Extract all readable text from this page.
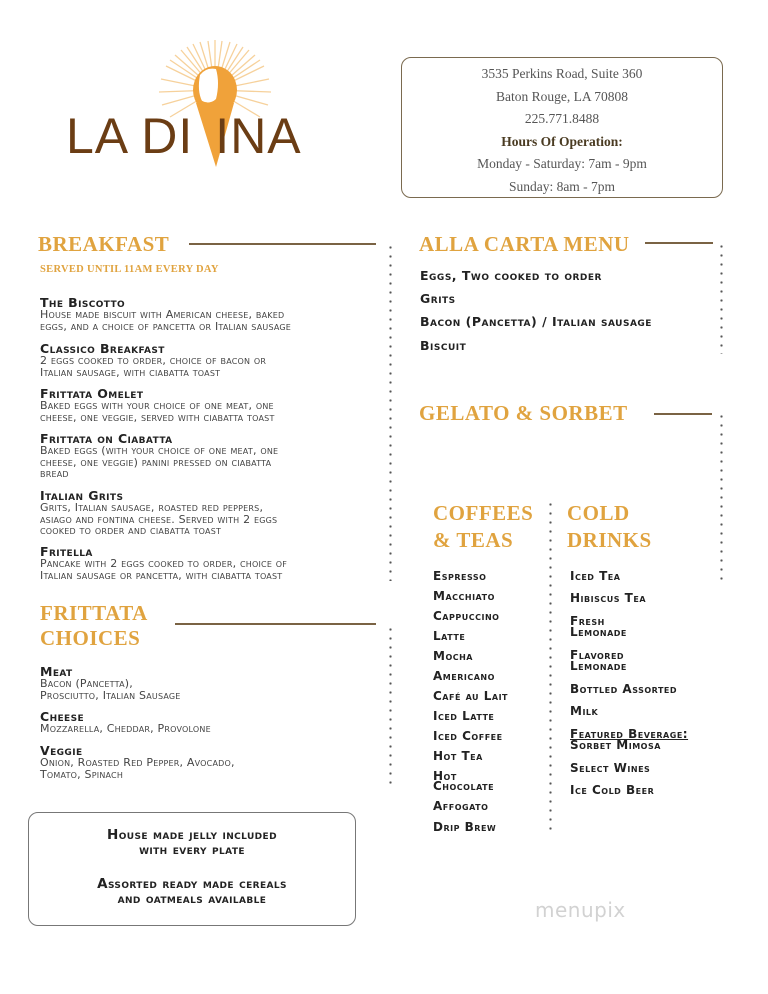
LA DI INA
3535 Perkins Road, Suite 360
Baton Rouge, LA 70808
225.771.8488
Hours Of Operation:
Monday - Saturday: 7am - 9pm
Sunday: 8am - 7pm
BREAKFAST
SERVED UNTIL 11AM EVERY DAY
The Biscotto
House made biscuit with American cheese, baked
eggs, and a choice of pancetta or Italian sausage
Classico Breakfast
2 eggs cooked to order, choice of bacon or
Italian sausage, with ciabatta toast
Frittata Omelet
Baked eggs with your choice of one meat, one
cheese, one veggie, served with ciabatta toast
Frittata on Ciabatta
Baked eggs (with your choice of one meat, one
cheese, one veggie) panini pressed on ciabatta
bread
Italian Grits
Grits, Italian sausage, roasted red peppers,
asiago and fontina cheese. Served with 2 eggs
cooked to order and ciabatta toast
Fritella
Pancake with 2 eggs cooked to order, choice of
Italian sausage or pancetta, with ciabatta toast
FRITTATA
CHOICES
Meat
Bacon (Pancetta),
Prosciutto, Italian Sausage
Cheese
Mozzarella, Cheddar, Provolone
Veggie
Onion, Roasted Red Pepper, Avocado,
Tomato, Spinach
House made jelly included
with every plate
Assorted ready made cereals
and oatmeals available
ALLA CARTA MENU
Eggs, Two cooked to order
Grits
Bacon (Pancetta) / Italian sausage
Biscuit
GELATO & SORBET
COFFEES
& TEAS
Espresso
Macchiato
Cappuccino
Latte
Mocha
Americano
Café au Lait
Iced Latte
Iced Coffee
Hot Tea
Hot
Chocolate
Affogato
Drip Brew
COLD
DRINKS
Iced Tea
Hibiscus Tea
Fresh
Lemonade
Flavored
Lemonade
Bottled Assorted
Milk
Featured Beverage:
Sorbet Mimosa
Select Wines
Ice Cold Beer
menupix
